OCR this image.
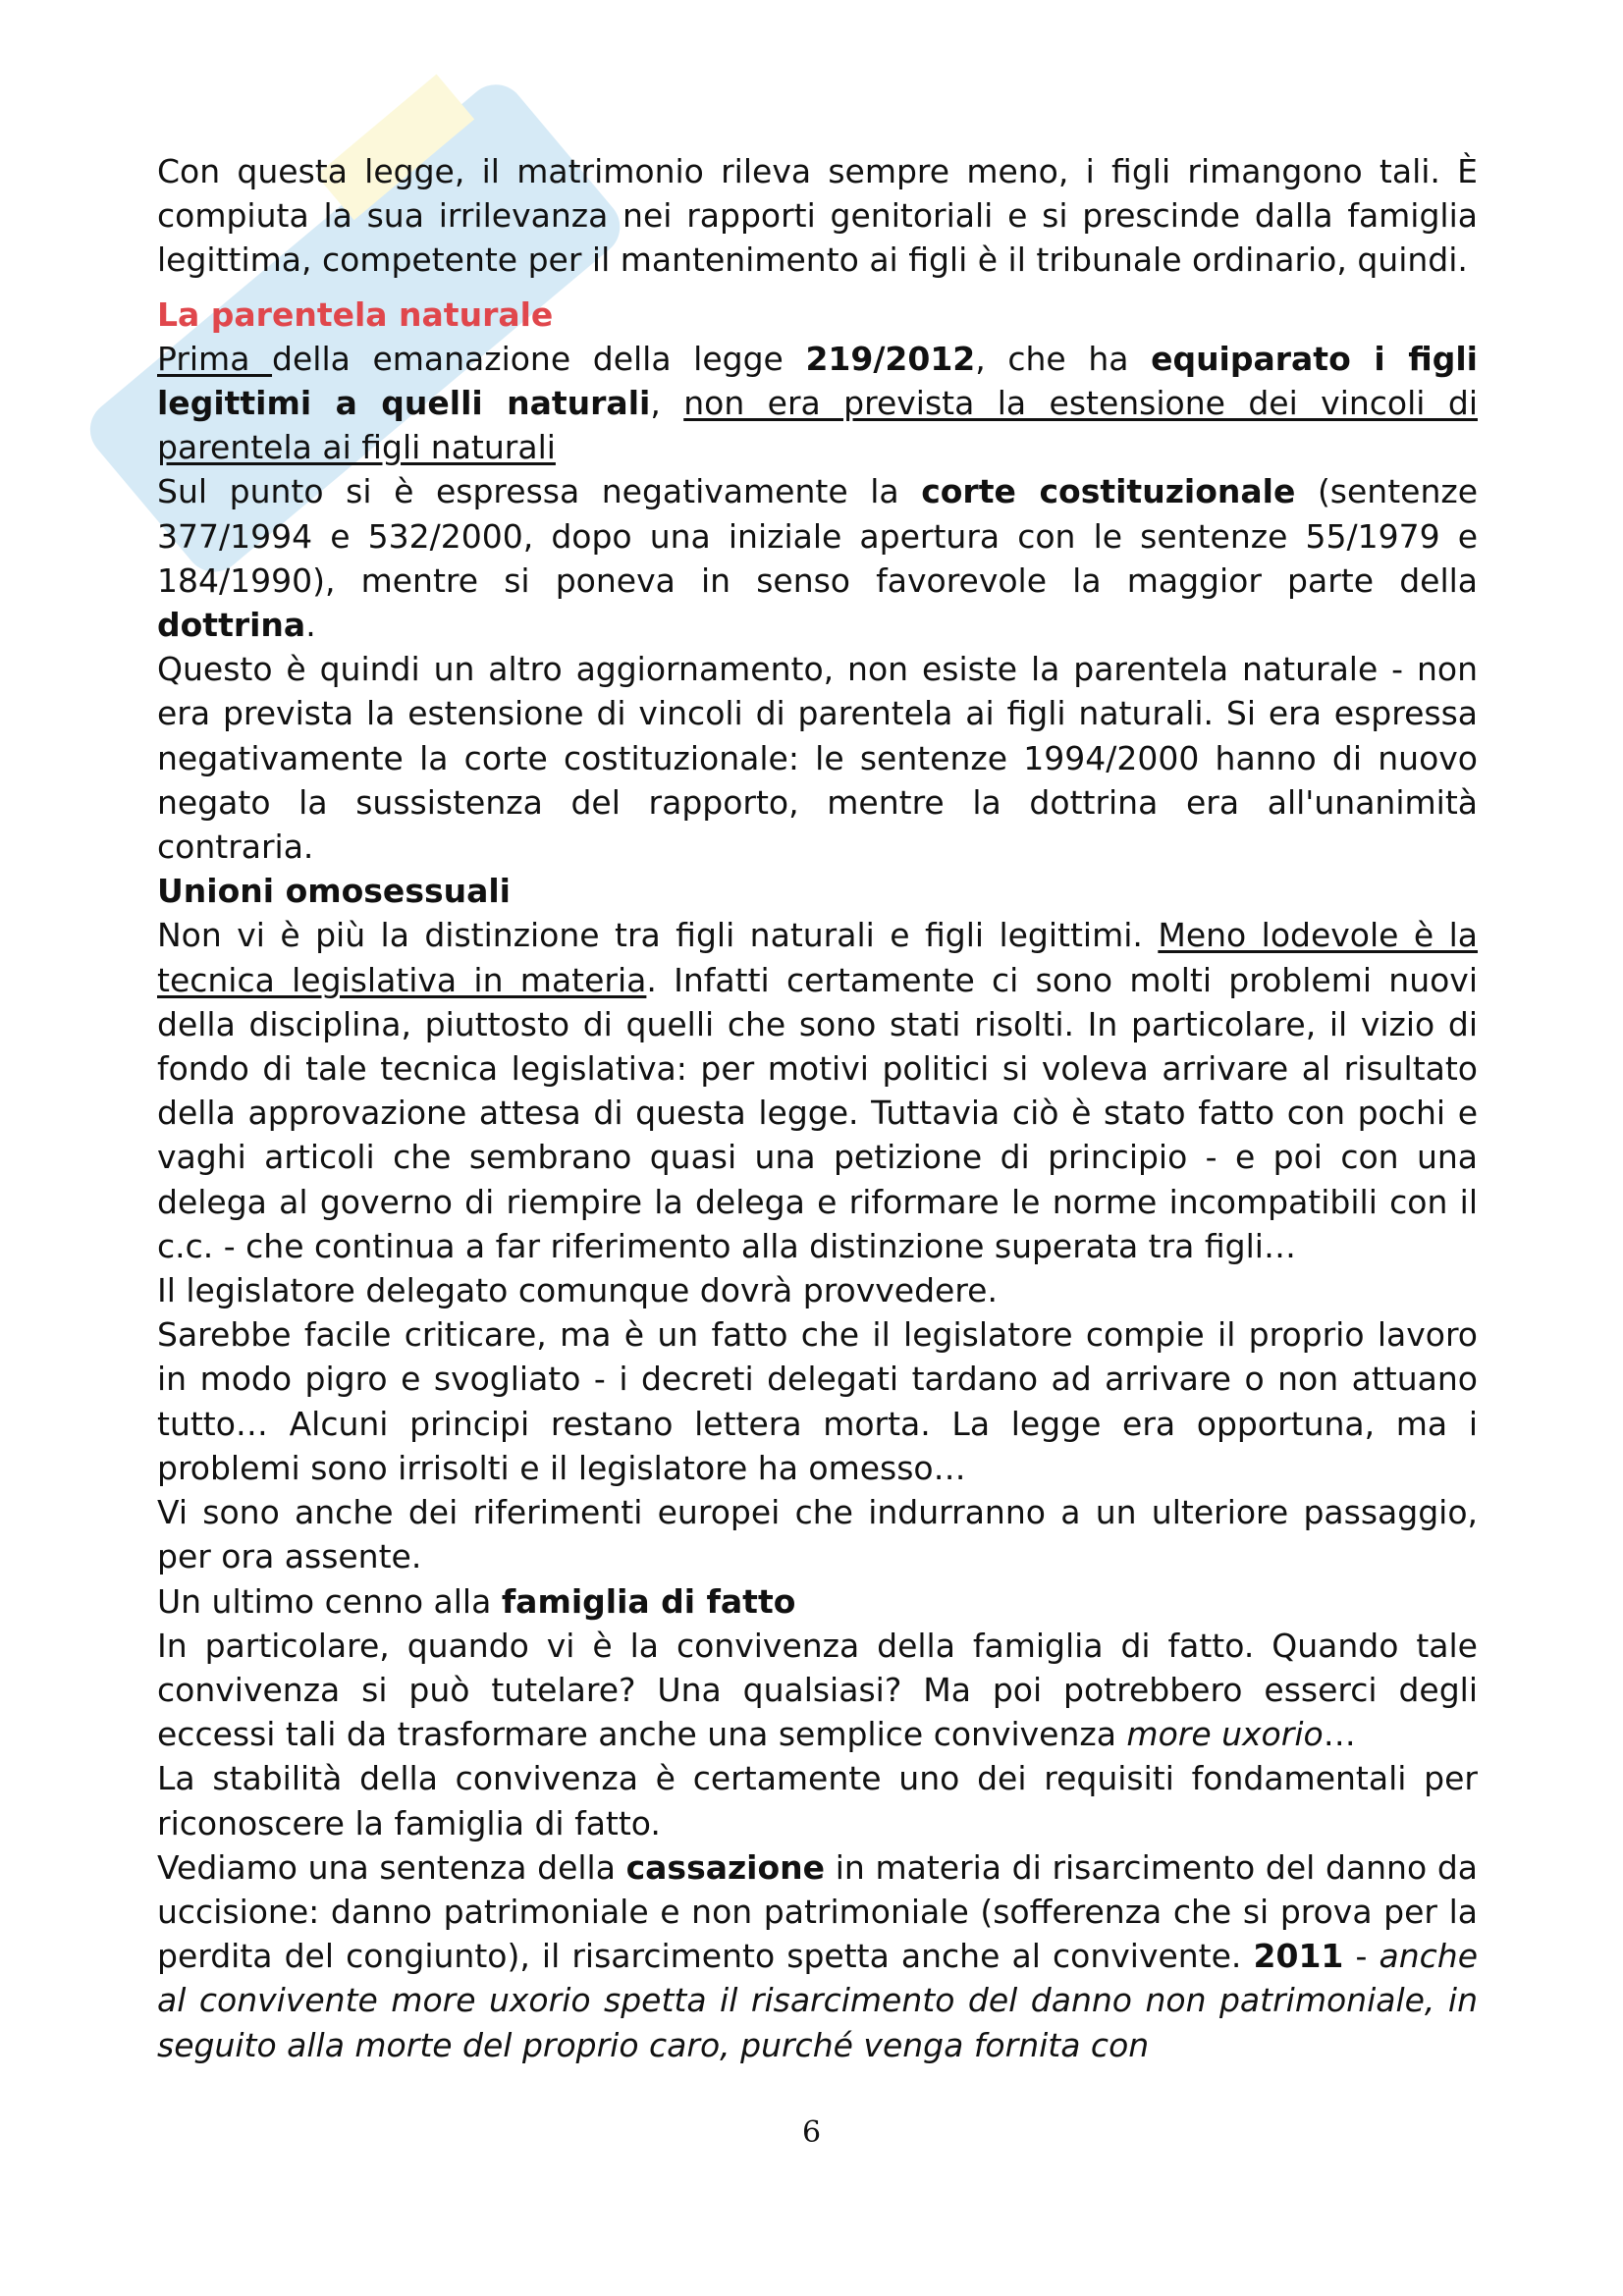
Con questa legge, il matrimonio rileva sempre meno, i figli rimangono tali. È compiuta la sua irrilevanza nei rapporti genitoriali e si prescinde dalla famiglia legittima, competente per il mantenimento ai figli è il tribunale ordinario, quindi.

La parentela naturale

Prima della emanazione della legge 219/2012, che ha equiparato i figli legittimi a quelli naturali, non era prevista la estensione dei vincoli di parentela ai figli naturali

Sul punto si è espressa negativamente la corte costituzionale (sentenze 377/1994 e 532/2000, dopo una iniziale apertura con le sentenze 55/1979 e 184/1990), mentre si poneva in senso favorevole la maggior parte della dottrina.

Questo è quindi un altro aggiornamento, non esiste la parentela naturale - non era prevista la estensione di vincoli di parentela ai figli naturali. Si era espressa negativamente la corte costituzionale: le sentenze 1994/2000 hanno di nuovo negato la sussistenza del rapporto, mentre la dottrina era all'unanimità contraria.

Unioni omosessuali

Non vi è più la distinzione tra figli naturali e figli legittimi. Meno lodevole è la tecnica legislativa in materia. Infatti certamente ci sono molti problemi nuovi della disciplina, piuttosto di quelli che sono stati risolti. In particolare, il vizio di fondo di tale tecnica legislativa: per motivi politici si voleva arrivare al risultato della approvazione attesa di questa legge. Tuttavia ciò è stato fatto con pochi e vaghi articoli che sembrano quasi una petizione di principio - e poi con una delega al governo di riempire la delega e riformare le norme incompatibili con il c.c. - che continua a far riferimento alla distinzione superata tra figli…

Il legislatore delegato comunque dovrà provvedere.

Sarebbe facile criticare, ma è un fatto che il legislatore compie il proprio lavoro in modo pigro e svogliato - i decreti delegati tardano ad arrivare o non attuano tutto… Alcuni principi restano lettera morta. La legge era opportuna, ma i problemi sono irrisolti e il legislatore ha omesso…

Vi sono anche dei riferimenti europei che indurranno a un ulteriore passaggio, per ora assente.

Un ultimo cenno alla famiglia di fatto

In particolare, quando vi è la convivenza della famiglia di fatto. Quando tale convivenza si può tutelare? Una qualsiasi? Ma poi potrebbero esserci degli eccessi tali da trasformare anche una semplice convivenza more uxorio…

La stabilità della convivenza è certamente uno dei requisiti fondamentali per riconoscere la famiglia di fatto.

Vediamo una sentenza della cassazione in materia di risarcimento del danno da uccisione: danno patrimoniale e non patrimoniale (sofferenza che si prova per la perdita del congiunto), il risarcimento spetta anche al convivente. 2011 - anche al convivente more uxorio spetta il risarcimento del danno non patrimoniale, in seguito alla morte del proprio caro, purché venga fornita con

6
